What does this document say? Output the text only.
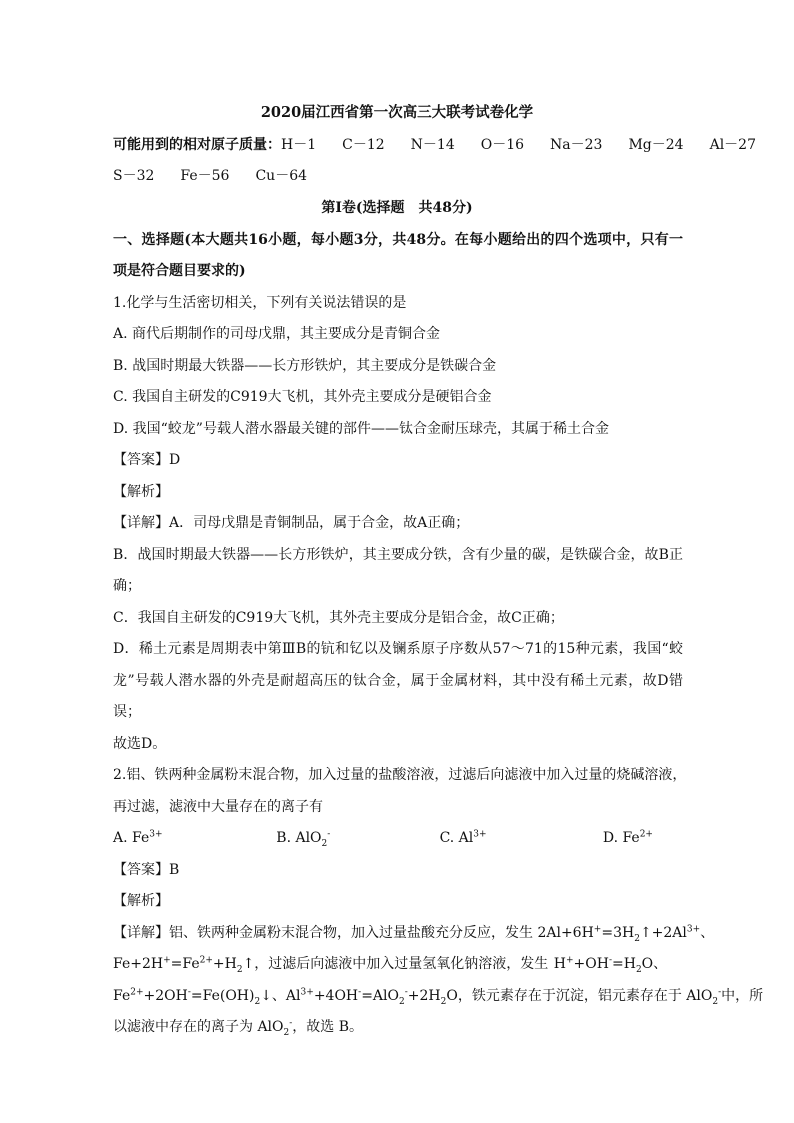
2020届江西省第一次高三大联考试卷化学
可能用到的相对原子质量：H－1 C－12 N－14 O－16 Na－23 Mg－24 Al－27
S－32 Fe－56 Cu－64
第Ⅰ卷(选择题　共48分)
一、选择题(本大题共16小题，每小题3分，共48分。在每小题给出的四个选项中，只有一
项是符合题目要求的)
1.化学与生活密切相关，下列有关说法错误的是
A. 商代后期制作的司母戊鼎，其主要成分是青铜合金
B. 战国时期最大铁器——长方形铁炉，其主要成分是铁碳合金
C. 我国自主研发的C919大飞机，其外壳主要成分是硬铝合金
D. 我国“蛟龙”号载人潜水器最关键的部件——钛合金耐压球壳，其属于稀土合金
【答案】D
【解析】
【详解】A．司母戊鼎是青铜制品，属于合金，故A正确；
B．战国时期最大铁器——长方形铁炉，其主要成分铁，含有少量的碳，是铁碳合金，故B正
确；
C．我国自主研发的C919大飞机，其外壳主要成分是铝合金，故C正确；
D．稀土元素是周期表中第ⅢB的钪和钇以及镧系原子序数从57～71的15种元素，我国“蛟
龙”号载人潜水器的外壳是耐超高压的钛合金，属于金属材料，其中没有稀土元素，故D错
误；
故选D。
2.铝、铁两种金属粉末混合物，加入过量的盐酸溶液，过滤后向滤液中加入过量的烧碱溶液，
再过滤，滤液中大量存在的离子有
A. $Fe^{3+}$	B. AlO$_2$-	C. $Al^{3+}$	D. $Fe^{2+}$
【答案】B
【解析】
【详解】铝、铁两种金属粉末混合物，加入过量盐酸充分反应，发生 $2Al+6H^+=3H_2↑+2Al^{3+}$、
$Fe+2H^+=Fe^{2+}+H_2↑$，过滤后向滤液中加入过量氢氧化钠溶液，发生 $H^++OH^-=H_2O$、
$Fe^{2+}+2OH^-=Fe(OH)_2↓$、$Al^{3+}+4OH^-=AlO_2^-+2H_2O$，铁元素存在于沉淀，铝元素存在于 AlO$_2$-中，所
以滤液中存在的离子为 AlO$_2$-，故选 B。
